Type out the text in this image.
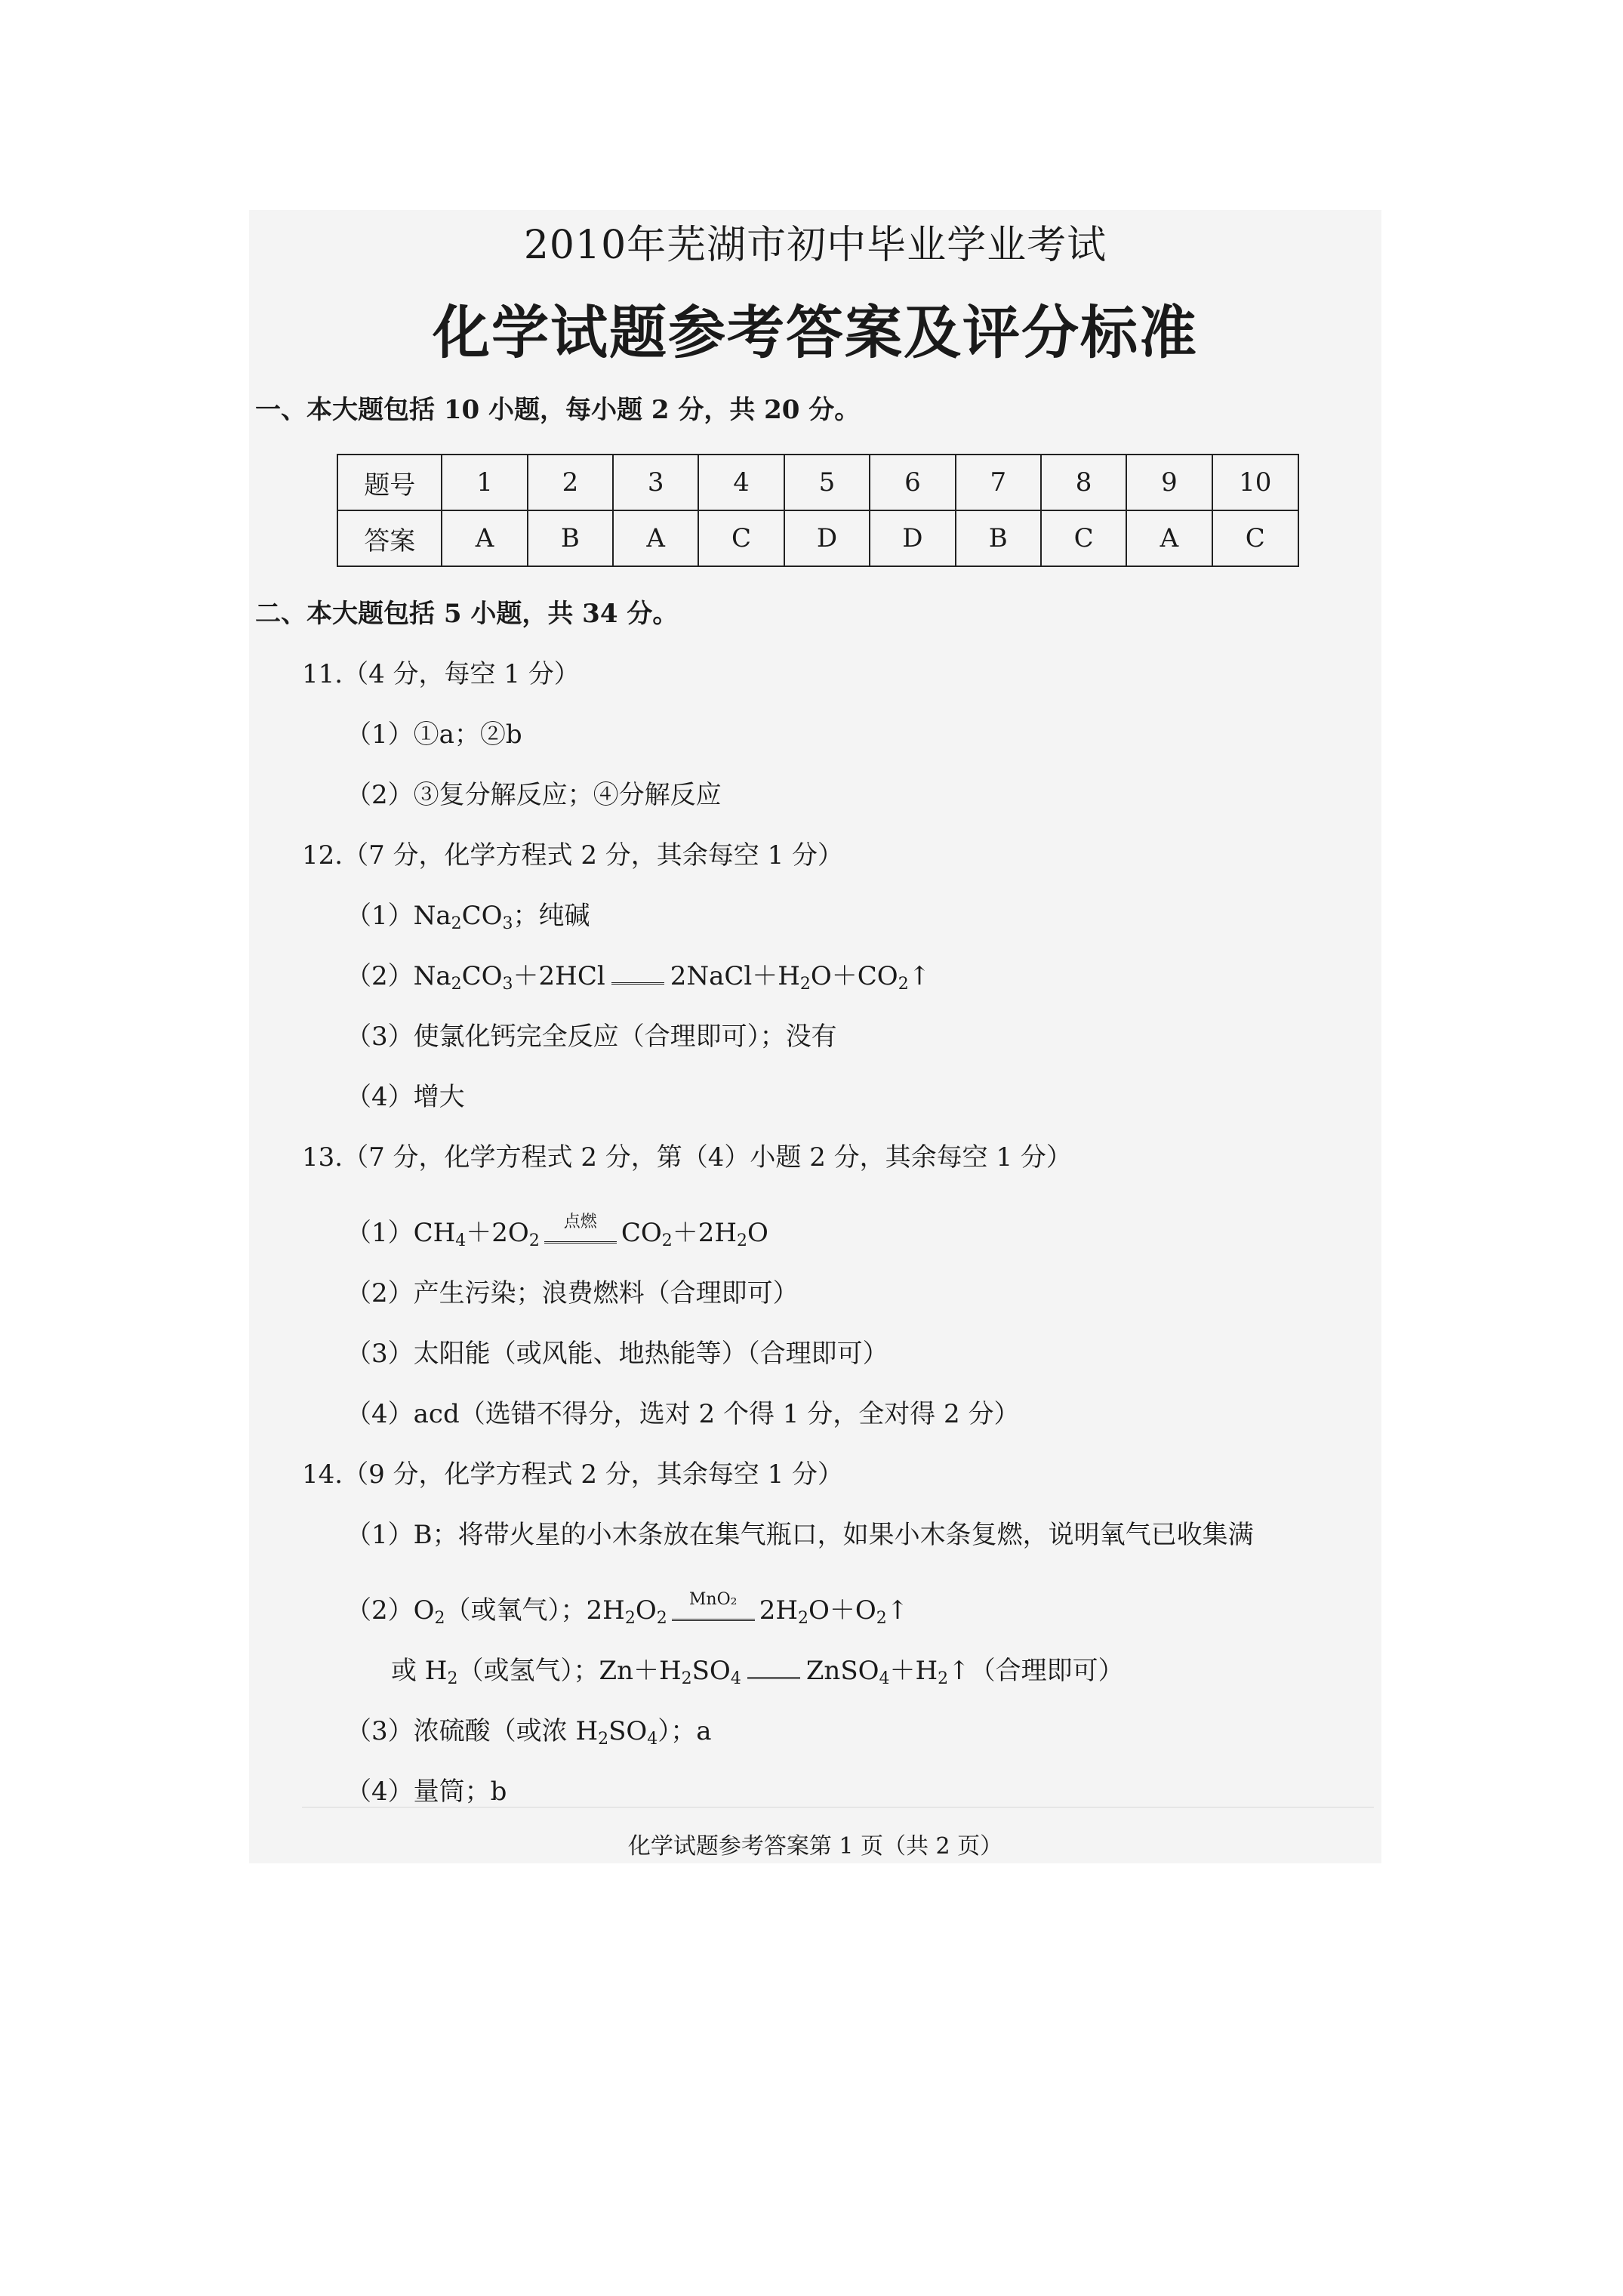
2010年芜湖市初中毕业学业考试
化学试题参考答案及评分标准
一、本大题包括 10 小题，每小题 2 分，共 20 分。
题号	1	2	3	4	5	6	7	8	9	10
答案	A	B	A	C	D	D	B	C	A	C
二、本大题包括 5 小题，共 34 分。
11.（4 分，每空 1 分）
（1）①a；②b
（2）③复分解反应；④分解反应
12.（7 分，化学方程式 2 分，其余每空 1 分）
$(1)Na_2CO_3$；纯碱
$(2)Na_2CO_3+2HCl$	$2NaCl+H_2O+CO_2↑$
（3）使氯化钙完全反应（合理即可）；没有
（4）增大
13.（7 分，化学方程式 2 分，第（4）小题 2 分，其余每空 1 分）
$(1)CH_4+2O_2$
点燃 $CO_2+2H_2O$
（2）产生污染；浪费燃料（合理即可）
（3）太阳能（或风能、地热能等）（合理即可）
（4）acd（选错不得分，选对 2 个得 1 分，全对得 2 分）
14.（9 分，化学方程式 2 分，其余每空 1 分）
（1）B；将带火星的小木条放在集气瓶口，如果小木条复燃，说明氧气已收集满
$(2)O_2$（或氧气）；$2H_2O_2$
MnO₂ $2H_2O+O_2↑$
或 $H_2$（或氢气）；$Zn+H_2SO_4$	$ZnSO_4+H_2↑$（合理即可）
（3）浓硫酸（或浓 $H_2SO_4$）；a
（4）量筒；b
化学试题参考答案第 1 页（共 2 页）
